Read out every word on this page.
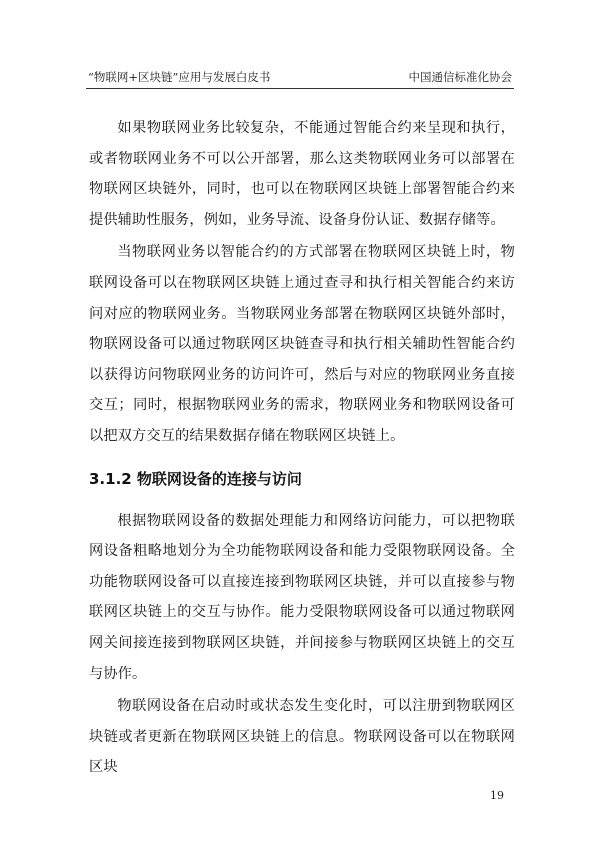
“物联网+区块链”应用与发展白皮书	中国通信标准化协会

如果物联网业务比较复杂，不能通过智能合约来呈现和执行，或者物联网业务不可以公开部署，那么这类物联网业务可以部署在物联网区块链外，同时，也可以在物联网区块链上部署智能合约来提供辅助性服务，例如，业务导流、设备身份认证、数据存储等。

当物联网业务以智能合约的方式部署在物联网区块链上时，物联网设备可以在物联网区块链上通过查寻和执行相关智能合约来访问对应的物联网业务。当物联网业务部署在物联网区块链外部时，物联网设备可以通过物联网区块链查寻和执行相关辅助性智能合约以获得访问物联网业务的访问许可，然后与对应的物联网业务直接交互；同时，根据物联网业务的需求，物联网业务和物联网设备可以把双方交互的结果数据存储在物联网区块链上。

3.1.2 物联网设备的连接与访问

根据物联网设备的数据处理能力和网络访问能力，可以把物联网设备粗略地划分为全功能物联网设备和能力受限物联网设备。全功能物联网设备可以直接连接到物联网区块链，并可以直接参与物联网区块链上的交互与协作。能力受限物联网设备可以通过物联网网关间接连接到物联网区块链，并间接参与物联网区块链上的交互与协作。

物联网设备在启动时或状态发生变化时，可以注册到物联网区块链或者更新在物联网区块链上的信息。物联网设备可以在物联网区块

19
